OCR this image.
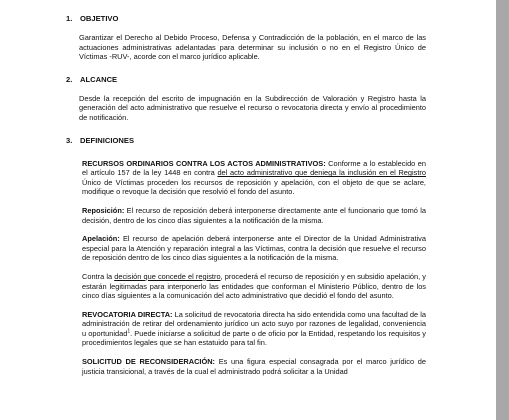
1. OBJETIVO
Garantizar el Derecho al Debido Proceso, Defensa y Contradicción de la población, en el marco de las actuaciones administrativas adelantadas para determinar su inclusión o no en el Registro Único de Víctimas -RUV-, acorde con el marco jurídico aplicable.
2. ALCANCE
Desde la recepción del escrito de impugnación en la Subdirección de Valoración y Registro hasta la generación del acto administrativo que resuelve el recurso o revocatoria directa y envío al procedimiento de notificación.
3. DEFINICIONES
RECURSOS ORDINARIOS CONTRA LOS ACTOS ADMINISTRATIVOS: Conforme a lo establecido en el artículo 157 de la ley 1448 en contra del acto administrativo que deniega la inclusión en el Registro Único de Víctimas proceden los recursos de reposición y apelación, con el objeto de que se aclare, modifique o revoque la decisión que resolvió el fondo del asunto.
Reposición: El recurso de reposición deberá interponerse directamente ante el funcionario que tomó la decisión, dentro de los cinco días siguientes a la notificación de la misma.
Apelación: El recurso de apelación deberá interponerse ante el Director de la Unidad Administrativa especial para la Atención y reparación integral a las Víctimas, contra la decisión que resuelve el recurso de reposición dentro de los cinco días siguientes a la notificación de la misma.
Contra la decisión que concede el registro, procederá el recurso de reposición y en subsidio apelación, y estarán legitimadas para interponerlo las entidades que conforman el Ministerio Público, dentro de los cinco días siguientes a la comunicación del acto administrativo que decidió el fondo del asunto.
REVOCATORIA DIRECTA: La solicitud de revocatoria directa ha sido entendida como una facultad de la administración de retirar del ordenamiento jurídico un acto suyo por razones de legalidad, conveniencia u oportunidad$^1$. Puede iniciarse a solicitud de parte o de oficio por la Entidad, respetando los requisitos y procedimientos legales que se han estatuido para tal fin.
SOLICITUD DE RECONSIDERACIÓN: Es una figura especial consagrada por el marco jurídico de justicia transicional, a través de la cual el administrado podrá solicitar a la Unidad
